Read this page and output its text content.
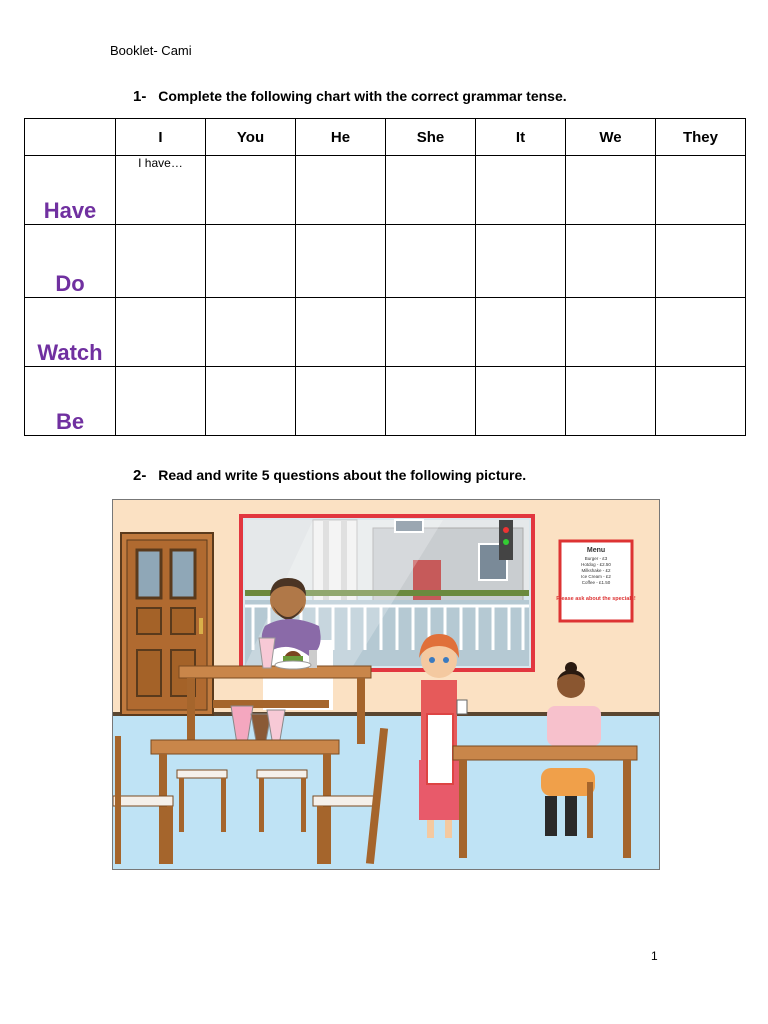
Booklet- Cami
1- Complete the following chart with the correct grammar tense.
	I	You	He	She	It	We	They
Have	I have…						
Do							
Watch							
Be							
2- Read and write 5 questions about the following picture.
Menu
Burger - £3
Hotdog - £2.50
Milkshake - £2
Ice Cream - £2
Coffee - £1.50
Please ask about the specials!
1
